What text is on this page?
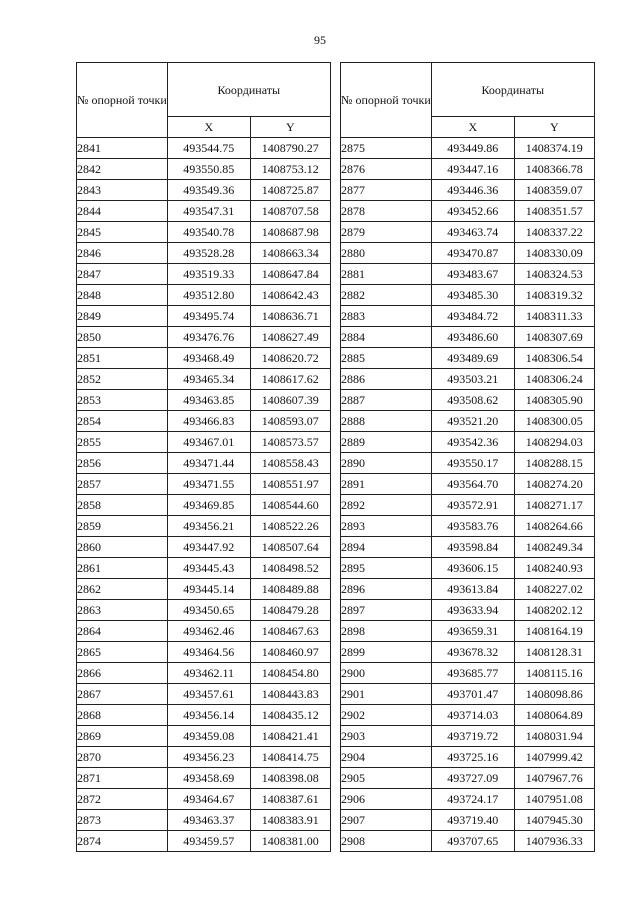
95
№ опорной точки	Координаты	
	X	Y
2841	493544.75	1408790.27
2842	493550.85	1408753.12
2843	493549.36	1408725.87
2844	493547.31	1408707.58
2845	493540.78	1408687.98
2846	493528.28	1408663.34
2847	493519.33	1408647.84
2848	493512.80	1408642.43
2849	493495.74	1408636.71
2850	493476.76	1408627.49
2851	493468.49	1408620.72
2852	493465.34	1408617.62
2853	493463.85	1408607.39
2854	493466.83	1408593.07
2855	493467.01	1408573.57
2856	493471.44	1408558.43
2857	493471.55	1408551.97
2858	493469.85	1408544.60
2859	493456.21	1408522.26
2860	493447.92	1408507.64
2861	493445.43	1408498.52
2862	493445.14	1408489.88
2863	493450.65	1408479.28
2864	493462.46	1408467.63
2865	493464.56	1408460.97
2866	493462.11	1408454.80
2867	493457.61	1408443.83
2868	493456.14	1408435.12
2869	493459.08	1408421.41
2870	493456.23	1408414.75
2871	493458.69	1408398.08
2872	493464.67	1408387.61
2873	493463.37	1408383.91
2874	493459.57	1408381.00
№ опорной точки	Координаты	
	X	Y
2875	493449.86	1408374.19
2876	493447.16	1408366.78
2877	493446.36	1408359.07
2878	493452.66	1408351.57
2879	493463.74	1408337.22
2880	493470.87	1408330.09
2881	493483.67	1408324.53
2882	493485.30	1408319.32
2883	493484.72	1408311.33
2884	493486.60	1408307.69
2885	493489.69	1408306.54
2886	493503.21	1408306.24
2887	493508.62	1408305.90
2888	493521.20	1408300.05
2889	493542.36	1408294.03
2890	493550.17	1408288.15
2891	493564.70	1408274.20
2892	493572.91	1408271.17
2893	493583.76	1408264.66
2894	493598.84	1408249.34
2895	493606.15	1408240.93
2896	493613.84	1408227.02
2897	493633.94	1408202.12
2898	493659.31	1408164.19
2899	493678.32	1408128.31
2900	493685.77	1408115.16
2901	493701.47	1408098.86
2902	493714.03	1408064.89
2903	493719.72	1408031.94
2904	493725.16	1407999.42
2905	493727.09	1407967.76
2906	493724.17	1407951.08
2907	493719.40	1407945.30
2908	493707.65	1407936.33
